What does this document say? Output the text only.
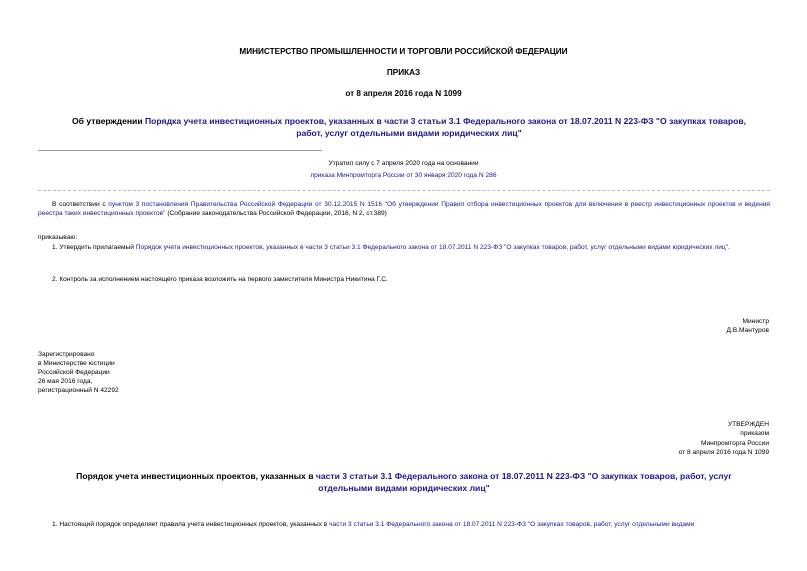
МИНИСТЕРСТВО ПРОМЫШЛЕННОСТИ И ТОРГОВЛИ РОССИЙСКОЙ ФЕДЕРАЦИИ
ПРИКАЗ
от 8 апреля 2016 года N 1099
Об утверждении Порядка учета инвестиционных проектов, указанных в части 3 статьи 3.1 Федерального закона от 18.07.2011 N 223-ФЗ "О закупках товаров, работ, услуг отдельными видами юридических лиц"
Утратил силу с 7 апреля 2020 года на основании
приказа Минпромторга России от 30 января 2020 года N 286
В соответствии с пунктом 3 постановления Правительства Российской Федерации от 30.12.2015 N 1516 "Об утверждении Правил отбора инвестиционных проектов для включения в реестр инвестиционных проектов и ведения реестра таких инвестиционных проектов" (Собрание законодательства Российской Федерации, 2016, N 2, ст.389)
приказываю:
1. Утвердить прилагаемый Порядок учета инвестиционных проектов, указанных в части 3 статьи 3.1 Федерального закона от 18.07.2011 N 223-ФЗ "О закупках товаров, работ, услуг отдельными видами юридических лиц".
2. Контроль за исполнением настоящего приказа возложить на первого заместителя Министра Никитина Г.С.
Министр
Д.В.Мантуров
Зарегистрировано
в Министерстве юстиции
Российской Федерации
26 мая 2016 года,
регистрационный N 42292
УТВЕРЖДЕН
приказом
Минпромторга России
от 8 апреля 2016 года N 1099
Порядок учета инвестиционных проектов, указанных в части 3 статьи 3.1 Федерального закона от 18.07.2011 N 223-ФЗ "О закупках товаров, работ, услуг отдельными видами юридических лиц"
1. Настоящий порядок определяет правила учета инвестиционных проектов, указанных в части 3 статьи 3.1 Федерального закона от 18.07.2011 N 223-ФЗ "О закупках товаров, работ, услуг отдельными видами
